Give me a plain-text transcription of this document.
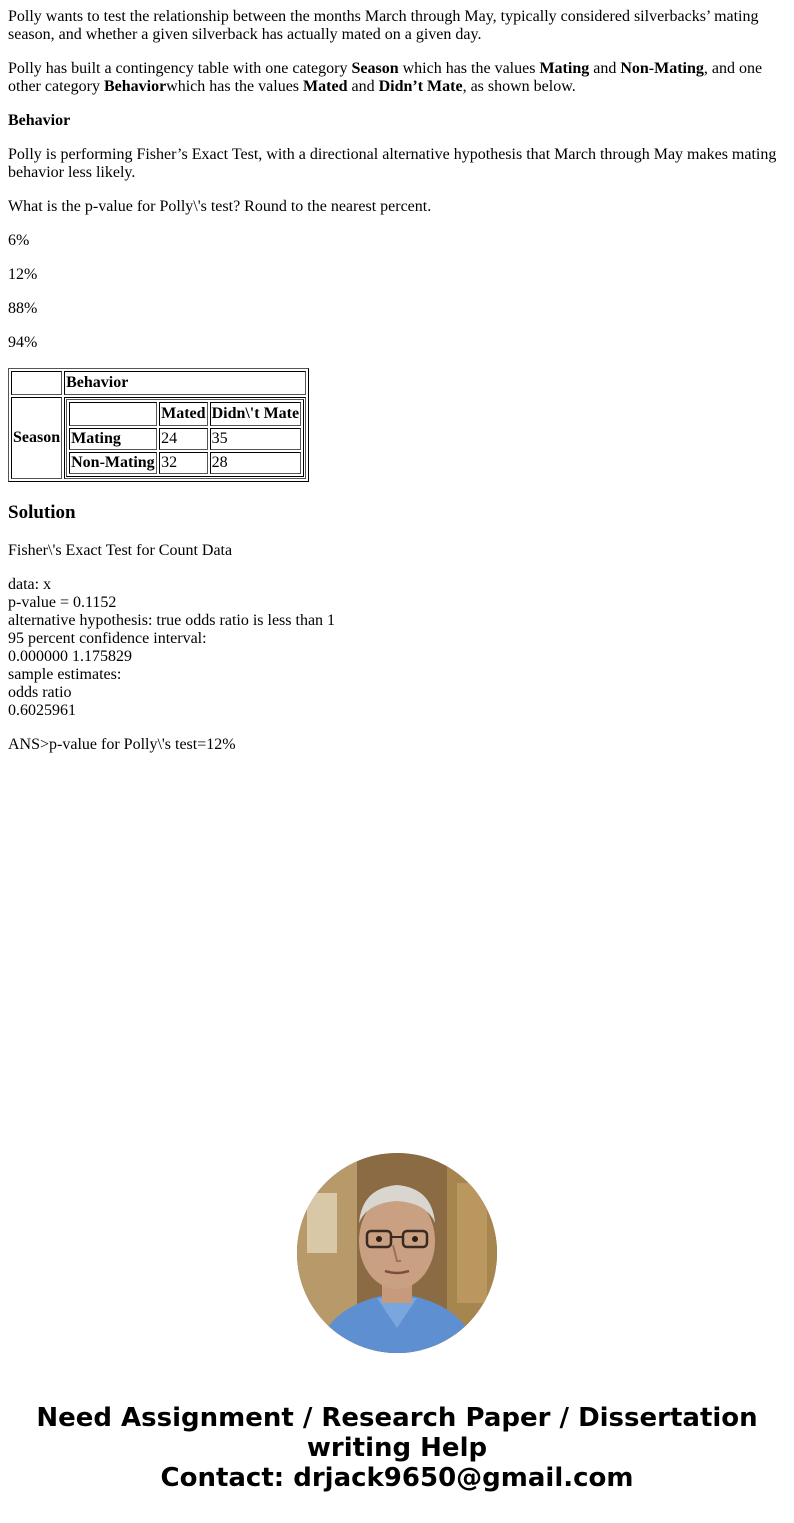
Polly wants to test the relationship between the months March through May, typically considered silverbacks’ mating season, and whether a given silverback has actually mated on a given day.

Polly has built a contingency table with one category Season which has the values Mating and Non-Mating, and one other category Behaviorwhich has the values Mated and Didn’t Mate, as shown below.

Behavior

Polly is performing Fisher’s Exact Test, with a directional alternative hypothesis that March through May makes mating behavior less likely.

What is the p-value for Polly\'s test? Round to the nearest percent.

6%

12%

88%

94%

	Behavior
Season	
	Mated	Didn\'t Mate
Mating	24	35
Non-Mating	32	28
Solution

Fisher\'s Exact Test for Count Data

data: x
p-value = 0.1152
alternative hypothesis: true odds ratio is less than 1
95 percent confidence interval:
0.000000 1.175829
sample estimates:
odds ratio
0.6025961

ANS>p-value for Polly\'s test=12%

Need Assignment / Research Paper / Dissertation
writing Help
Contact: drjack9650@gmail.com
